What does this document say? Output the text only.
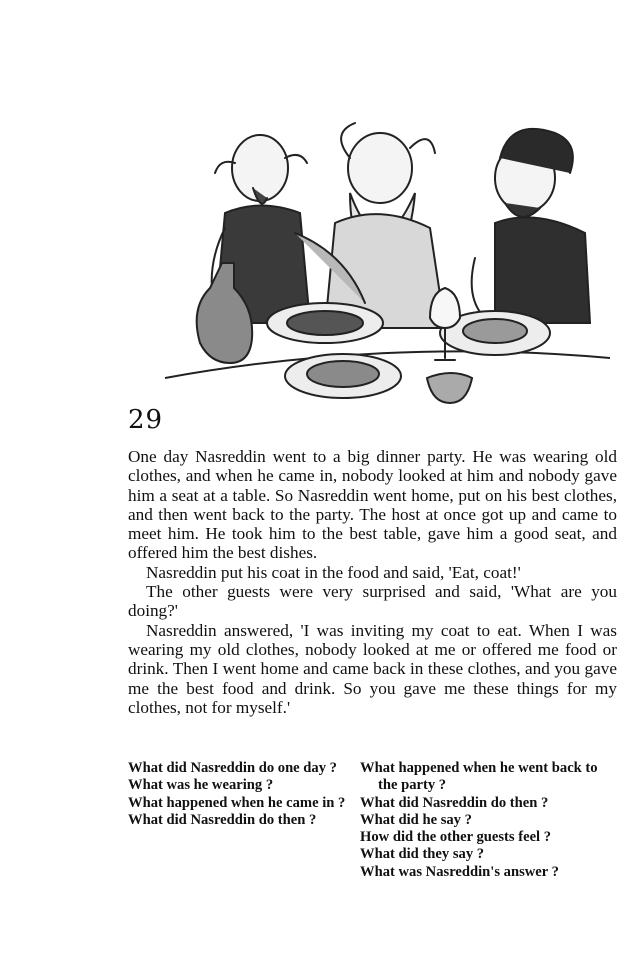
29

One day Nasreddin went to a big dinner party. He was wearing old clothes, and when he came in, nobody looked at him and nobody gave him a seat at a table. So Nasreddin went home, put on his best clothes, and then went back to the party. The host at once got up and came to meet him. He took him to the best table, gave him a good seat, and offered him the best dishes.

Nasreddin put his coat in the food and said, 'Eat, coat!'

The other guests were very surprised and said, 'What are you doing?'

Nasreddin answered, 'I was inviting my coat to eat. When I was wearing my old clothes, nobody looked at me or offered me food or drink. Then I went home and came back in these clothes, and you gave me the best food and drink. So you gave me these things for my clothes, not for myself.'

What did Nasreddin do one day ?

What was he wearing ?

What happened when he came in ?

What did Nasreddin do then ?

What happened when he went back to the party ?

What did Nasreddin do then ?

What did he say ?

How did the other guests feel ?

What did they say ?

What was Nasreddin's answer ?
